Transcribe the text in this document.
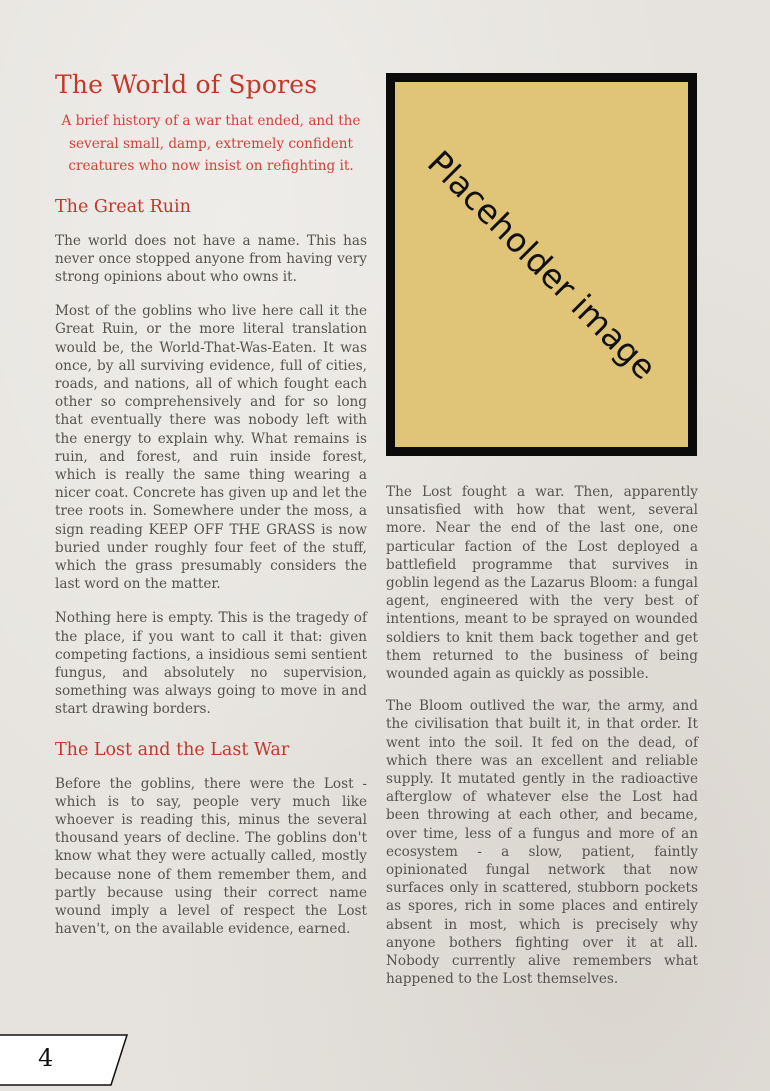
The World of Spores
A brief history of a war that ended, and the several small, damp, extremely confident creatures who now insist on refighting it.
The Great Ruin

The world does not have a name. This has never once stopped anyone from having very strong opinions about who owns it.

Most of the goblins who live here call it the Great Ruin, or the more literal translation would be, the World-That-Was-Eaten. It was once, by all surviving evidence, full of cities, roads, and nations, all of which fought each other so comprehensively and for so long that eventually there was nobody left with the energy to explain why. What remains is ruin, and forest, and ruin inside forest, which is really the same thing wearing a nicer coat. Concrete has given up and let the tree roots in. Somewhere under the moss, a sign reading KEEP OFF THE GRASS is now buried under roughly four feet of the stuff, which the grass presumably considers the last word on the matter.

Nothing here is empty. This is the tragedy of the place, if you want to call it that: given competing factions, a insidious semi sentient fungus, and absolutely no supervision, something was always going to move in and start drawing borders.

The Lost and the Last War

Before the goblins, there were the Lost - which is to say, people very much like whoever is reading this, minus the several thousand years of decline. The goblins don't know what they were actually called, mostly because none of them remember them, and partly because using their correct name wound imply a level of respect the Lost haven't, on the available evidence, earned.

Placeholder image

The Lost fought a war. Then, apparently unsatisfied with how that went, several more. Near the end of the last one, one particular faction of the Lost deployed a battlefield programme that survives in goblin legend as the Lazarus Bloom: a fungal agent, engineered with the very best of intentions, meant to be sprayed on wounded soldiers to knit them back together and get them returned to the business of being wounded again as quickly as possible.

The Bloom outlived the war, the army, and the civilisation that built it, in that order. It went into the soil. It fed on the dead, of which there was an excellent and reliable supply. It mutated gently in the radioactive afterglow of whatever else the Lost had been throwing at each other, and became, over time, less of a fungus and more of an ecosystem - a slow, patient, faintly opinionated fungal network that now surfaces only in scattered, stubborn pockets as spores, rich in some places and entirely absent in most, which is precisely why anyone bothers fighting over it at all. Nobody currently alive remembers what happened to the Lost themselves.

4
